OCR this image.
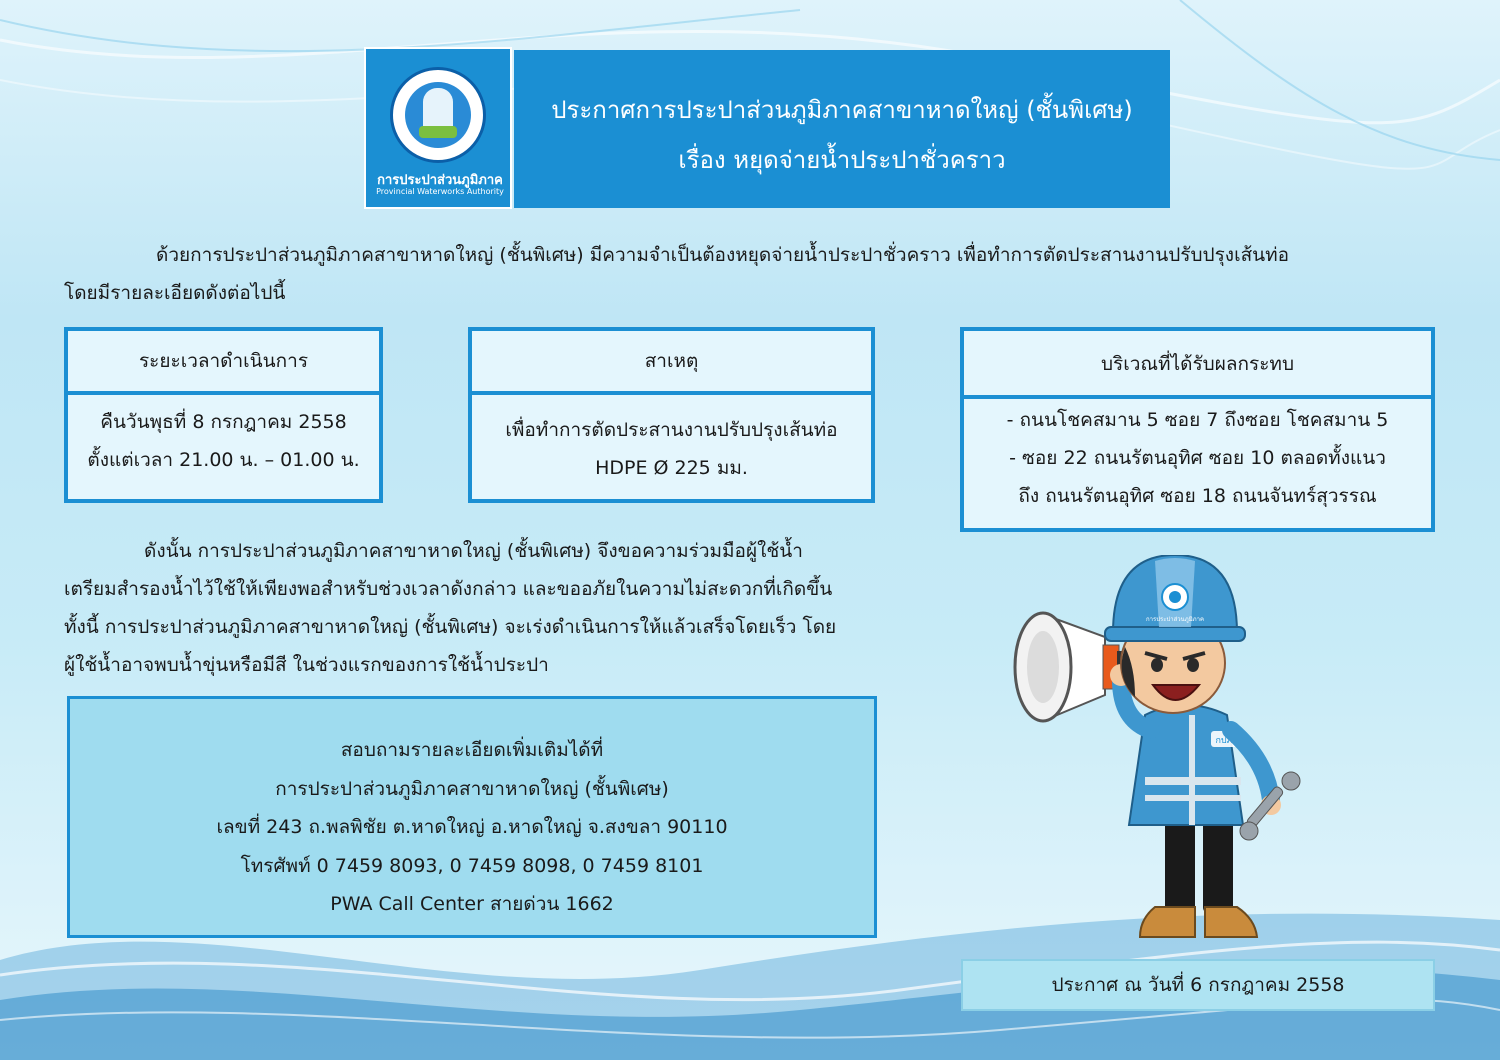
การประปาส่วนภูมิภาค
Provincial Waterworks Authority
ประกาศการประปาส่วนภูมิภาคสาขาหาดใหญ่ (ชั้นพิเศษ)
เรื่อง หยุดจ่ายน้ำประปาชั่วคราว
ด้วยการประปาส่วนภูมิภาคสาขาหาดใหญ่ (ชั้นพิเศษ) มีความจำเป็นต้องหยุดจ่ายน้ำประปาชั่วคราว เพื่อทำการตัดประสานงานปรับปรุงเส้นท่อ
โดยมีรายละเอียดดังต่อไปนี้
ระยะเวลาดำเนินการ
คืนวันพุธที่ 8 กรกฎาคม 2558
ตั้งแต่เวลา 21.00 น. – 01.00 น.
สาเหตุ
เพื่อทำการตัดประสานงานปรับปรุงเส้นท่อ
HDPE Ø 225 มม.
บริเวณที่ได้รับผลกระทบ
- ถนนโชคสมาน 5 ซอย 7 ถึงซอย โชคสมาน 5
- ซอย 22 ถนนรัตนอุทิศ ซอย 10 ตลอดทั้งแนว
ถึง ถนนรัตนอุทิศ ซอย 18 ถนนจันทร์สุวรรณ
ดังนั้น การประปาส่วนภูมิภาคสาขาหาดใหญ่ (ชั้นพิเศษ) จึงขอความร่วมมือผู้ใช้น้ำ
เตรียมสำรองน้ำไว้ใช้ให้เพียงพอสำหรับช่วงเวลาดังกล่าว และขออภัยในความไม่สะดวกที่เกิดขึ้น
ทั้งนี้ การประปาส่วนภูมิภาคสาขาหาดใหญ่ (ชั้นพิเศษ) จะเร่งดำเนินการให้แล้วเสร็จโดยเร็ว โดย
ผู้ใช้น้ำอาจพบน้ำขุ่นหรือมีสี ในช่วงแรกของการใช้น้ำประปา
สอบถามรายละเอียดเพิ่มเติมได้ที่
การประปาส่วนภูมิภาคสาขาหาดใหญ่ (ชั้นพิเศษ)
เลขที่ 243 ถ.พลพิชัย ต.หาดใหญ่ อ.หาดใหญ่ จ.สงขลา 90110
โทรศัพท์ 0 7459 8093, 0 7459 8098, 0 7459 8101
PWA Call Center สายด่วน 1662
กปภ
การประปาส่วนภูมิภาค
ประกาศ ณ วันที่ 6 กรกฎาคม 2558
